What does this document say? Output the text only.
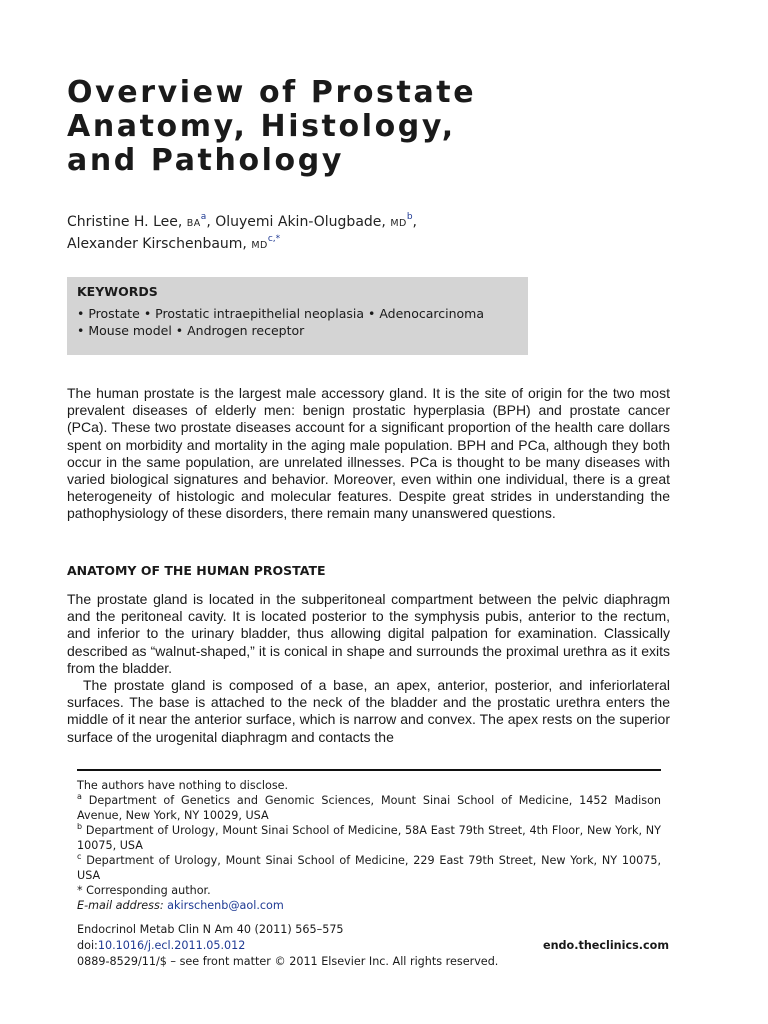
Overview of Prostate
Anatomy, Histology,
and Pathology
Christine H. Lee, $BA^a$, Oluyemi Akin-Olugbade, $MD^b$,
Alexander Kirschenbaum, $MD^{c,*}$
KEYWORDS
• Prostate • Prostatic intraepithelial neoplasia • Adenocarcinoma
• Mouse model • Androgen receptor

The human prostate is the largest male accessory gland. It is the site of origin for the two most prevalent diseases of elderly men: benign prostatic hyperplasia (BPH) and prostate cancer (PCa). These two prostate diseases account for a significant proportion of the health care dollars spent on morbidity and mortality in the aging male population. BPH and PCa, although they both occur in the same population, are unrelated illnesses. PCa is thought to be many diseases with varied biological signatures and behavior. Moreover, even within one individual, there is a great heterogeneity of histologic and molecular features. Despite great strides in understanding the pathophysiology of these disorders, there remain many unanswered questions.

ANATOMY OF THE HUMAN PROSTATE

The prostate gland is located in the subperitoneal compartment between the pelvic diaphragm and the peritoneal cavity. It is located posterior to the symphysis pubis, anterior to the rectum, and inferior to the urinary bladder, thus allowing digital palpation for examination. Classically described as “walnut-shaped,” it is conical in shape and surrounds the proximal urethra as it exits from the bladder.

The prostate gland is composed of a base, an apex, anterior, posterior, and inferiorlateral surfaces. The base is attached to the neck of the bladder and the prostatic urethra enters the middle of it near the anterior surface, which is narrow and convex. The apex rests on the superior surface of the urogenital diaphragm and contacts the

The authors have nothing to disclose.
$^a$ Department of Genetics and Genomic Sciences, Mount Sinai School of Medicine, 1452 Madison Avenue, New York, NY 10029, USA
$^b$ Department of Urology, Mount Sinai School of Medicine, 58A East 79th Street, 4th Floor, New York, NY 10075, USA
$^c$ Department of Urology, Mount Sinai School of Medicine, 229 East 79th Street, New York, NY 10075, USA
* Corresponding author.
E-mail address: akirschenb@aol.com
Endocrinol Metab Clin N Am 40 (2011) 565–575
doi:10.1016/j.ecl.2011.05.012	endo.theclinics.com
0889-8529/11/$ – see front matter © 2011 Elsevier Inc. All rights reserved.
